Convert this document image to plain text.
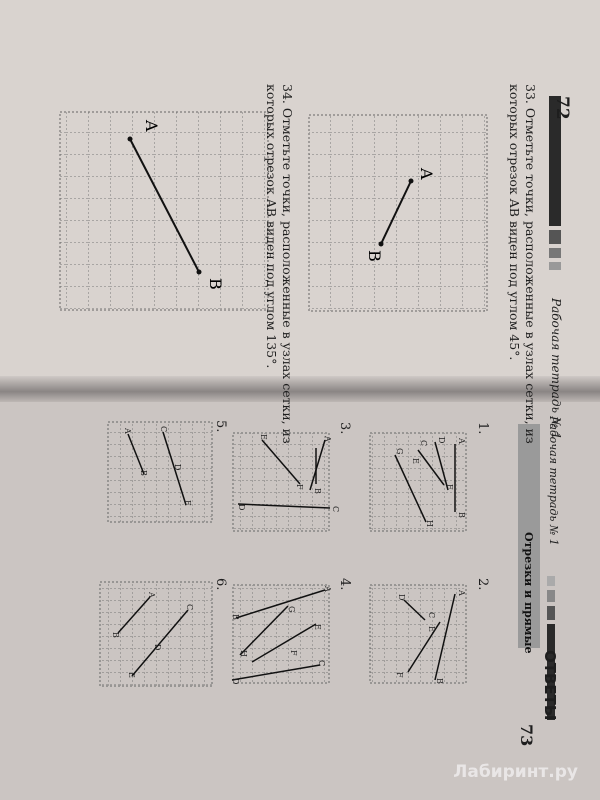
A
B
A
B
72
Рабочая тетрадь № 1
33. Отметьте точки, расположенные в узлах сетки, из
которых отрезок AB виден под углом 45°.
34. Отметьте точки, расположенные в узлах сетки, из
которых отрезок AB виден под углом 135°.
Рабочая тетрадь № 1
ОТВЕТЫ
73
Отрезки и прямые
1.
2.
3.
4.
5.
6.
A
B
D
C
E
F
G
H
A
B
C
D
E
F
A
B
C
D
E
F
A
B
C
D
E
F
G
H
A
B
C
D
E
A
B
C
D
E
Лабиринт.ру
